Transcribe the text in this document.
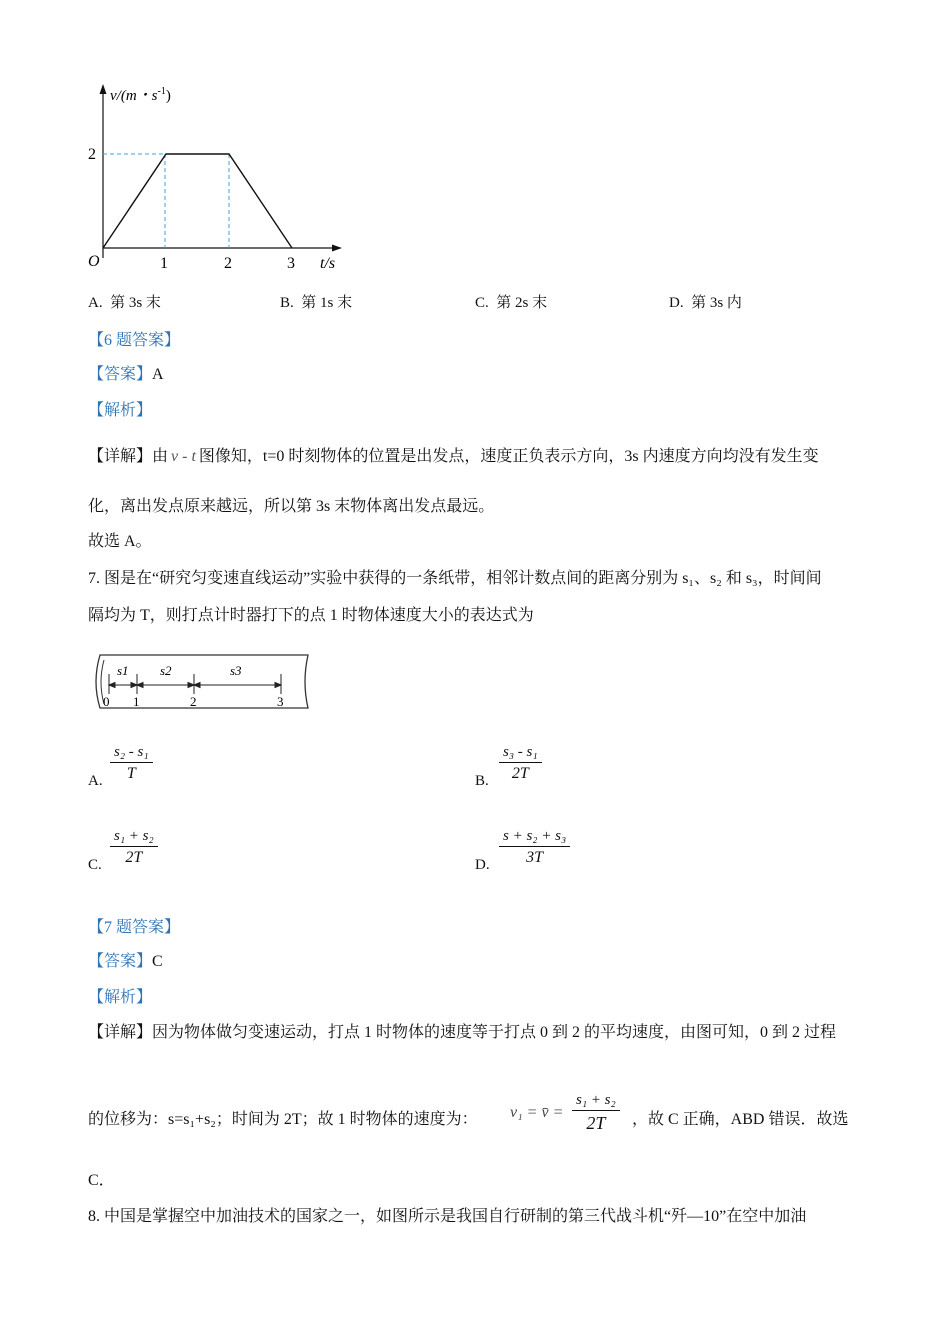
v/(m・$s^{-1}$)
2
O	1	2	3 t/s
A. 第 3s 末	B. 第 1s 末	C. 第 2s 末	D. 第 3s 内
【6 题答案】
【答案】A
【解析】
【详解】由 v - t 图像知，t=0 时刻物体的位置是出发点，速度正负表示方向，3s 内速度方向均没有发生变
化，离出发点原来越远，所以第 3s 末物体离出发点最远。
故选 A。
7. 图是在“研究匀变速直线运动”实验中获得的一条纸带，相邻计数点间的距离分别为 s₁、s₂ 和 s₃，时间间
隔均为 T，则打点计时器打下的点 1 时物体速度大小的表达式为
s1 s2	s3
0 1	2	3
A. $\frac{\text{s₂ - s₁}}{T}$	B. $\frac{\text{s₃ - s₁}}{2T}$
C. $\frac{\text{s₁ + s₂}}{2T}$	D. $\frac{\text{s + s₂ + s₃}}{3T}$
【7 题答案】
【答案】C
【解析】
【详解】因为物体做匀变速运动，打点 1 时物体的速度等于打点 0 到 2 的平均速度，由图可知，0 到 2 过程
的位移为：s=s₁+s₂；时间为 2T；故 1 时物体的速度为： v₁ = v̄ =
s₁ + s₂
2T	，故 C 正确，ABD 错误．故选
C．
8. 中国是掌握空中加油技术的国家之一，如图所示是我国自行研制的第三代战斗机“歼—10”在空中加油
